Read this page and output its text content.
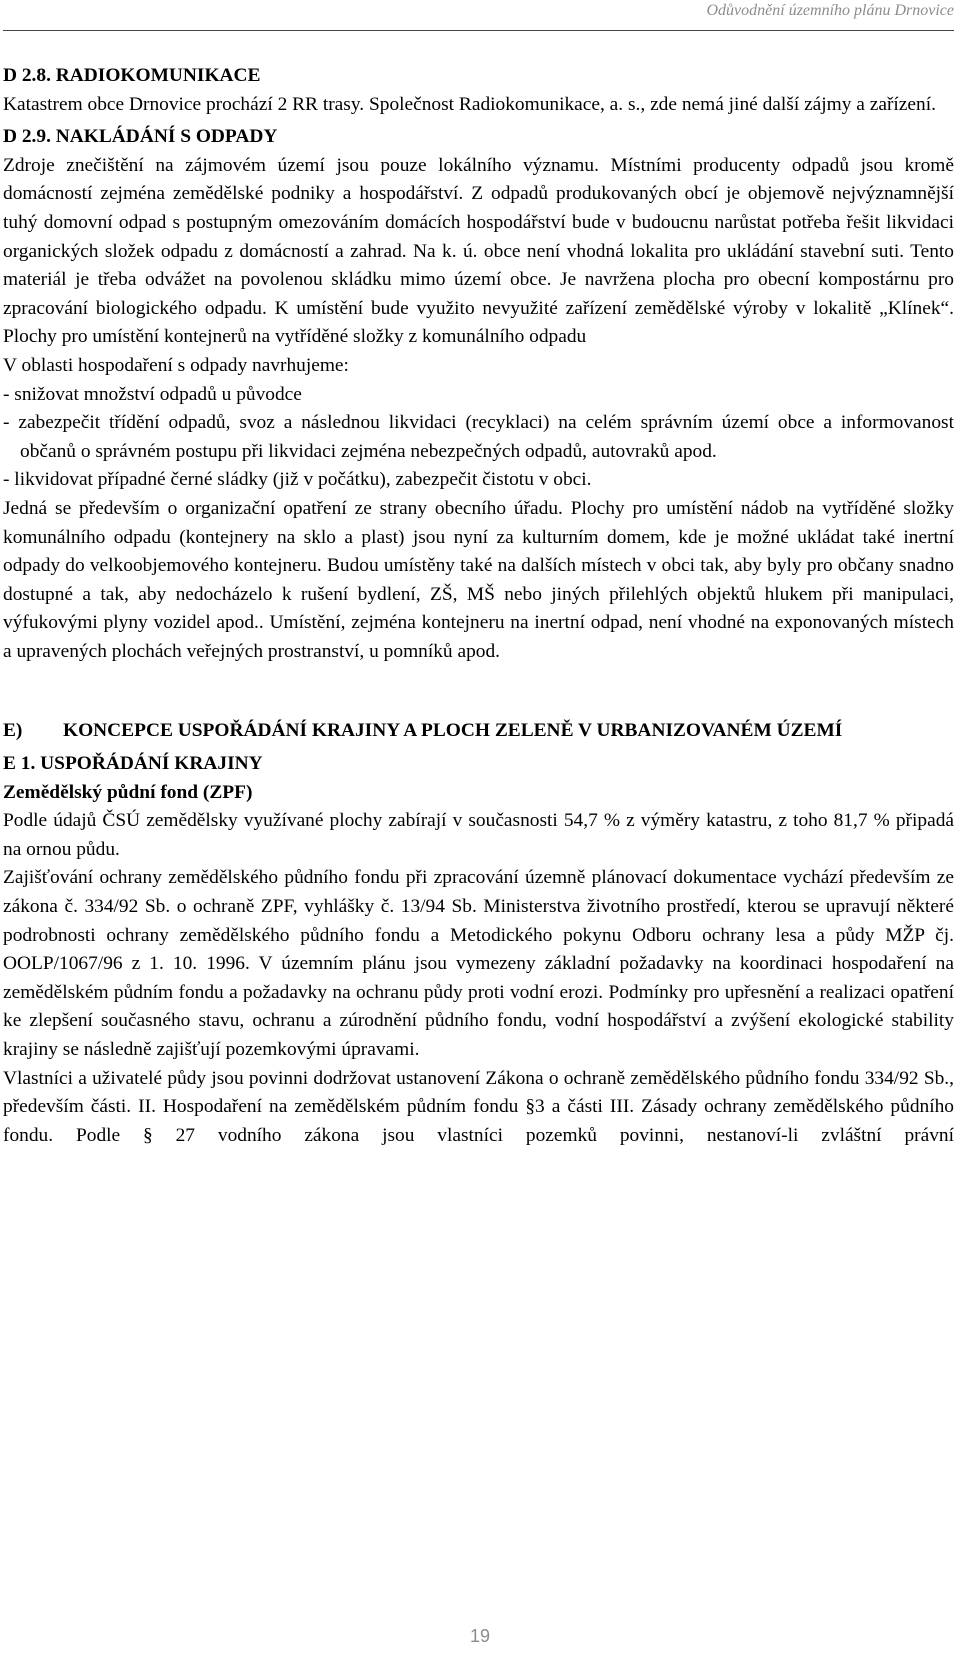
Odůvodnění územního plánu Drnovice

D 2.8. RADIOKOMUNIKACE

Katastrem obce Drnovice prochází 2 RR trasy. Společnost Radiokomunikace, a. s., zde nemá jiné další zájmy a zařízení.

D 2.9. NAKLÁDÁNÍ S ODPADY

Zdroje znečištění na zájmovém území jsou pouze lokálního významu. Místními producenty odpadů jsou kromě domácností zejména zemědělské podniky a hospodářství. Z odpadů produkovaných obcí je objemově nejvýznamnější tuhý domovní odpad s postupným omezováním domácích hospodářství bude v budoucnu narůstat potřeba řešit likvidaci organických složek odpadu z domácností a zahrad. Na k. ú. obce není vhodná lokalita pro ukládání stavební suti. Tento materiál je třeba odvážet na povolenou skládku mimo území obce. Je navržena plocha pro obecní kompostárnu pro zpracování biologického odpadu. K umístění bude využito nevyužité zařízení zemědělské výroby v lokalitě „Klínek“. Plochy pro umístění kontejnerů na vytříděné složky z komunálního odpadu

V oblasti hospodaření s odpady navrhujeme:

- snižovat množství odpadů u původce

- zabezpečit třídění odpadů, svoz a následnou likvidaci (recyklaci) na celém správním území obce a informovanost občanů o správném postupu při likvidaci zejména nebezpečných odpadů, autovraků apod.

- likvidovat případné černé sládky (již v počátku), zabezpečit čistotu v obci.

Jedná se především o organizační opatření ze strany obecního úřadu. Plochy pro umístění nádob na vytříděné složky komunálního odpadu (kontejnery na sklo a plast) jsou nyní za kulturním domem, kde je možné ukládat také inertní odpady do velkoobjemového kontejneru. Budou umístěny také na dalších místech v obci tak, aby byly pro občany snadno dostupné a tak, aby nedocházelo k rušení bydlení, ZŠ, MŠ nebo jiných přilehlých objektů hlukem při manipulaci, výfukovými plyny vozidel apod.. Umístění, zejména kontejneru na inertní odpad, není vhodné na exponovaných místech a upravených plochách veřejných prostranství, u pomníků apod.

E)	KONCEPCE USPOŘÁDÁNÍ KRAJINY A PLOCH ZELENĚ V URBANIZOVANÉM ÚZEMÍ

E 1. USPOŘÁDÁNÍ KRAJINY

Zemědělský půdní fond (ZPF)

Podle údajů ČSÚ zemědělsky využívané plochy zabírají v současnosti 54,7 % z výměry katastru, z toho 81,7 % připadá na ornou půdu.

Zajišťování ochrany zemědělského půdního fondu při zpracování územně plánovací dokumentace vychází především ze zákona č. 334/92 Sb. o ochraně ZPF, vyhlášky č. 13/94 Sb. Ministerstva životního prostředí, kterou se upravují některé podrobnosti ochrany zemědělského půdního fondu a Metodického pokynu Odboru ochrany lesa a půdy MŽP čj. OOLP/1067/96 z 1. 10. 1996. V územním plánu jsou vymezeny základní požadavky na koordinaci hospodaření na zemědělském půdním fondu a požadavky na ochranu půdy proti vodní erozi. Podmínky pro upřesnění a realizaci opatření ke zlepšení současného stavu, ochranu a zúrodnění půdního fondu, vodní hospodářství a zvýšení ekologické stability krajiny se následně zajišťují pozemkovými úpravami.

Vlastníci a uživatelé půdy jsou povinni dodržovat ustanovení Zákona o ochraně zemědělského půdního fondu 334/92 Sb., především části. II. Hospodaření na zemědělském půdním fondu §3 a části III. Zásady ochrany zemědělského půdního fondu. Podle § 27 vodního zákona jsou vlastníci pozemků povinni, nestanoví-li zvláštní právní

19
